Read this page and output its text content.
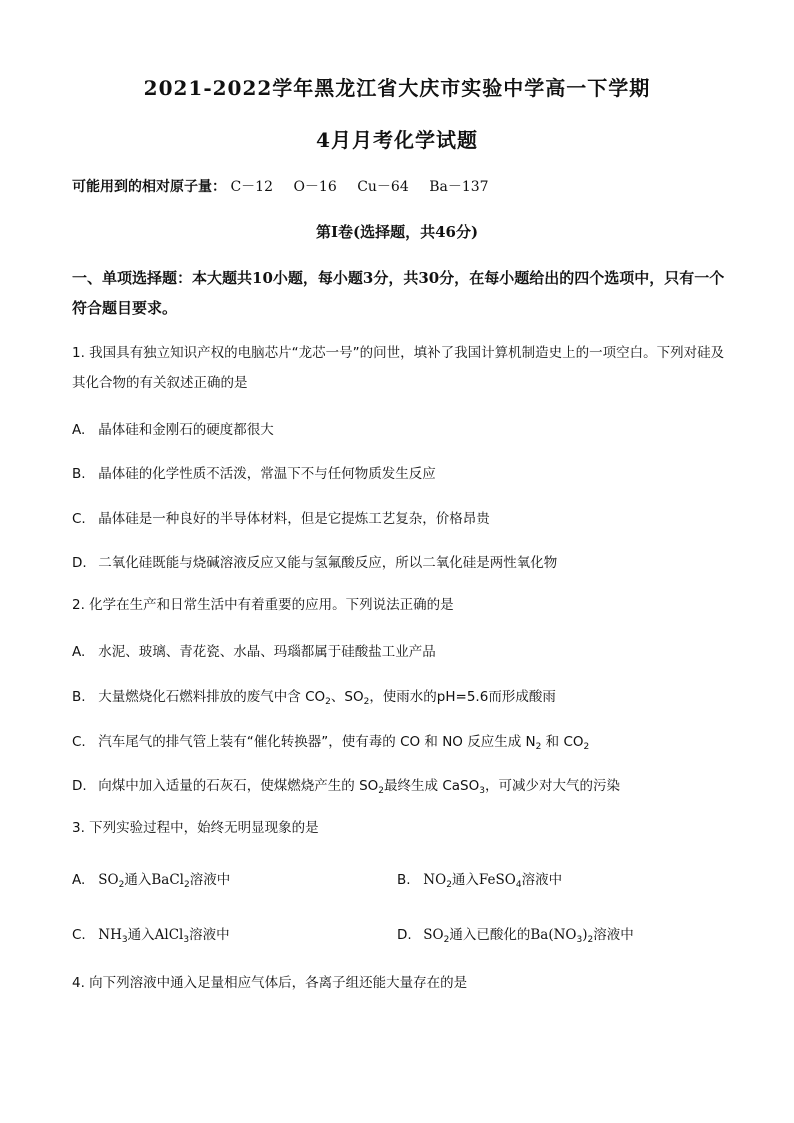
2021-2022学年黑龙江省大庆市实验中学高一下学期
4月月考化学试题
可能用到的相对原子量： C－12 O－16 Cu－64 Ba－137
第Ⅰ卷(选择题，共46分)
一、单项选择题：本大题共10小题，每小题3分，共30分，在每小题给出的四个选项中，只有一个符合题目要求。
1. 我国具有独立知识产权的电脑芯片“龙芯一号”的问世，填补了我国计算机制造史上的一项空白。下列对硅及其化合物的有关叙述正确的是
A. 晶体硅和金刚石的硬度都很大
B. 晶体硅的化学性质不活泼，常温下不与任何物质发生反应
C. 晶体硅是一种良好的半导体材料，但是它提炼工艺复杂，价格昂贵
D. 二氧化硅既能与烧碱溶液反应又能与氢氟酸反应，所以二氧化硅是两性氧化物
2. 化学在生产和日常生活中有着重要的应用。下列说法正确的是
A. 水泥、玻璃、青花瓷、水晶、玛瑙都属于硅酸盐工业产品
B. 大量燃烧化石燃料排放的废气中含 $CO_2$、$SO_2$，使雨水的pH=5.6而形成酸雨
C. 汽车尾气的排气管上装有“催化转换器”，使有毒的 CO 和 NO 反应生成 $N_2$ 和 $CO_2$
D. 向煤中加入适量的石灰石，使煤燃烧产生的 $SO_2$最终生成 CaSO$_3$，可减少对大气的污染
3. 下列实验过程中，始终无明显现象的是
A. $SO_2$通入BaCl$_2$溶液中	B. $NO_2$通入FeSO$_4$溶液中
C. $NH_3$通入AlCl$_3$溶液中	D. $SO_2$通入已酸化的$Ba(NO_3)_2$溶液中
4. 向下列溶液中通入足量相应气体后，各离子组还能大量存在的是
